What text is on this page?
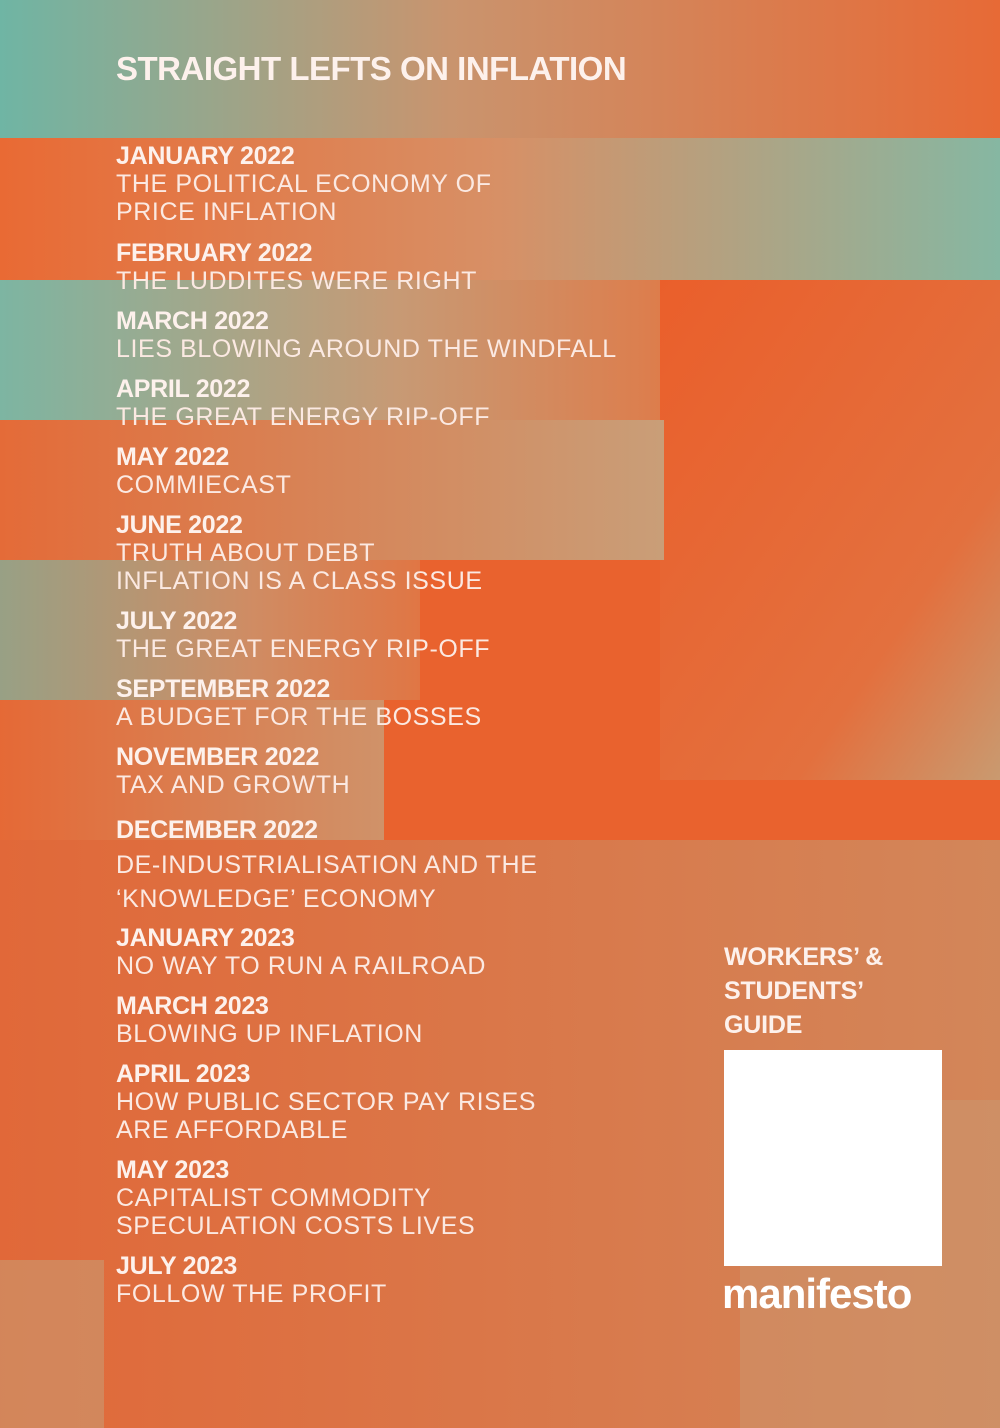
STRAIGHT LEFTS ON INFLATION
JANUARY 2022
THE POLITICAL ECONOMY OF
PRICE INFLATION
FEBRUARY 2022
THE LUDDITES WERE RIGHT
MARCH 2022
LIES BLOWING AROUND THE WINDFALL
APRIL 2022
THE GREAT ENERGY RIP-OFF
MAY 2022
COMMIECAST
JUNE 2022
TRUTH ABOUT DEBT
INFLATION IS A CLASS ISSUE
JULY 2022
THE GREAT ENERGY RIP-OFF
SEPTEMBER 2022
A BUDGET FOR THE BOSSES
NOVEMBER 2022
TAX AND GROWTH
DECEMBER 2022
DE-INDUSTRIALISATION AND THE
‘KNOWLEDGE’ ECONOMY
JANUARY 2023
NO WAY TO RUN A RAILROAD
MARCH 2023
BLOWING UP INFLATION
APRIL 2023
HOW PUBLIC SECTOR PAY RISES
ARE AFFORDABLE
MAY 2023
CAPITALIST COMMODITY
SPECULATION COSTS LIVES
JULY 2023
FOLLOW THE PROFIT
WORKERS’ &
STUDENTS’
GUIDE
manifesto
